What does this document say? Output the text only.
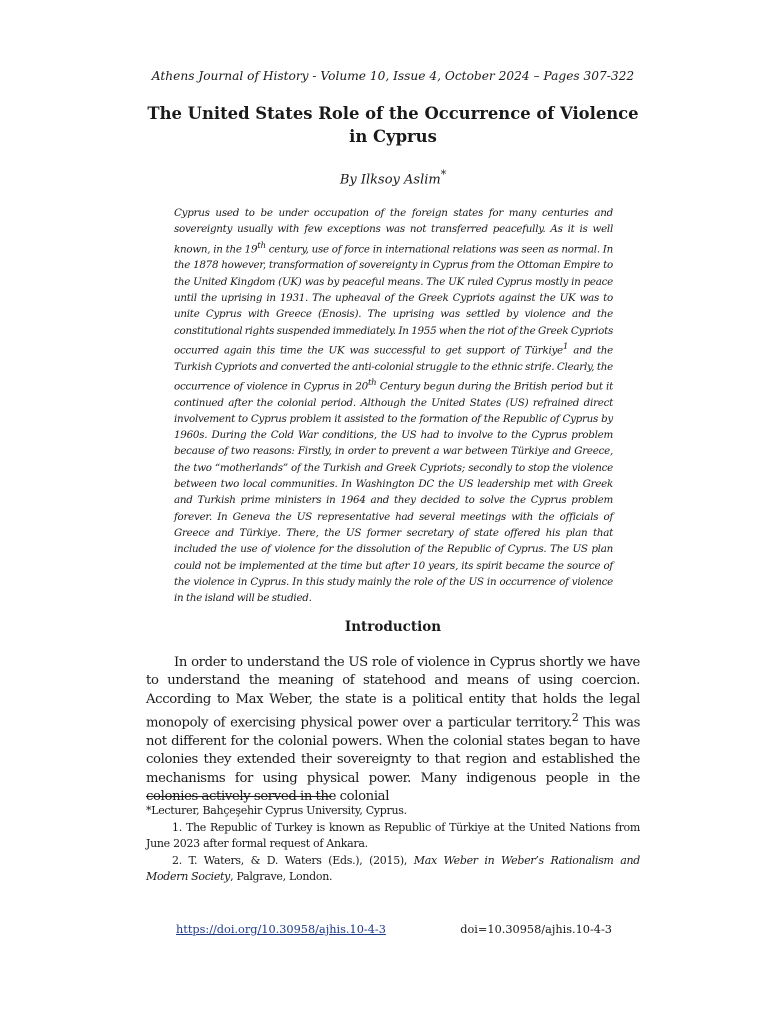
Athens Journal of History - Volume 10, Issue 4, October 2024 – Pages 307-322
The United States Role of the Occurrence of Violence in Cyprus
By Ilksoy Aslim*
Cyprus used to be under occupation of the foreign states for many centuries and sovereignty usually with few exceptions was not transferred peacefully. As it is well known, in the 19th century, use of force in international relations was seen as normal. In the 1878 however, transformation of sovereignty in Cyprus from the Ottoman Empire to the United Kingdom (UK) was by peaceful means. The UK ruled Cyprus mostly in peace until the uprising in 1931. The upheaval of the Greek Cypriots against the UK was to unite Cyprus with Greece (Enosis). The uprising was settled by violence and the constitutional rights suspended immediately. In 1955 when the riot of the Greek Cypriots occurred again this time the UK was successful to get support of Türkiye$^1$ and the Turkish Cypriots and converted the anti-colonial struggle to the ethnic strife. Clearly, the occurrence of violence in Cyprus in 20th Century begun during the British period but it continued after the colonial period. Although the United States (US) refrained direct involvement to Cyprus problem it assisted to the formation of the Republic of Cyprus by 1960s. During the Cold War conditions, the US had to involve to the Cyprus problem because of two reasons: Firstly, in order to prevent a war between Türkiye and Greece, the two “motherlands” of the Turkish and Greek Cypriots; secondly to stop the violence between two local communities. In Washington DC the US leadership met with Greek and Turkish prime ministers in 1964 and they decided to solve the Cyprus problem forever. In Geneva the US representative had several meetings with the officials of Greece and Türkiye. There, the US former secretary of state offered his plan that included the use of violence for the dissolution of the Republic of Cyprus. The US plan could not be implemented at the time but after 10 years, its spirit became the source of the violence in Cyprus. In this study mainly the role of the US in occurrence of violence in the island will be studied.
Introduction
In order to understand the US role of violence in Cyprus shortly we have to understand the meaning of statehood and means of using coercion. According to Max Weber, the state is a political entity that holds the legal monopoly of exercising physical power over a particular territory.$^2$ This was not different for the colonial powers. When the colonial states began to have colonies they extended their sovereignty to that region and established the mechanisms for using physical power. Many indigenous people in the colonies actively served in the colonial
*Lecturer, Bahçeşehir Cyprus University, Cyprus.
1. The Republic of Turkey is known as Republic of Türkiye at the United Nations from June 2023 after formal request of Ankara.
2. T. Waters, & D. Waters (Eds.), (2015), Max Weber in Weber’s Rationalism and Modern Society, Palgrave, London.
https://doi.org/10.30958/ajhis.10-4-3	doi=10.30958/ajhis.10-4-3
